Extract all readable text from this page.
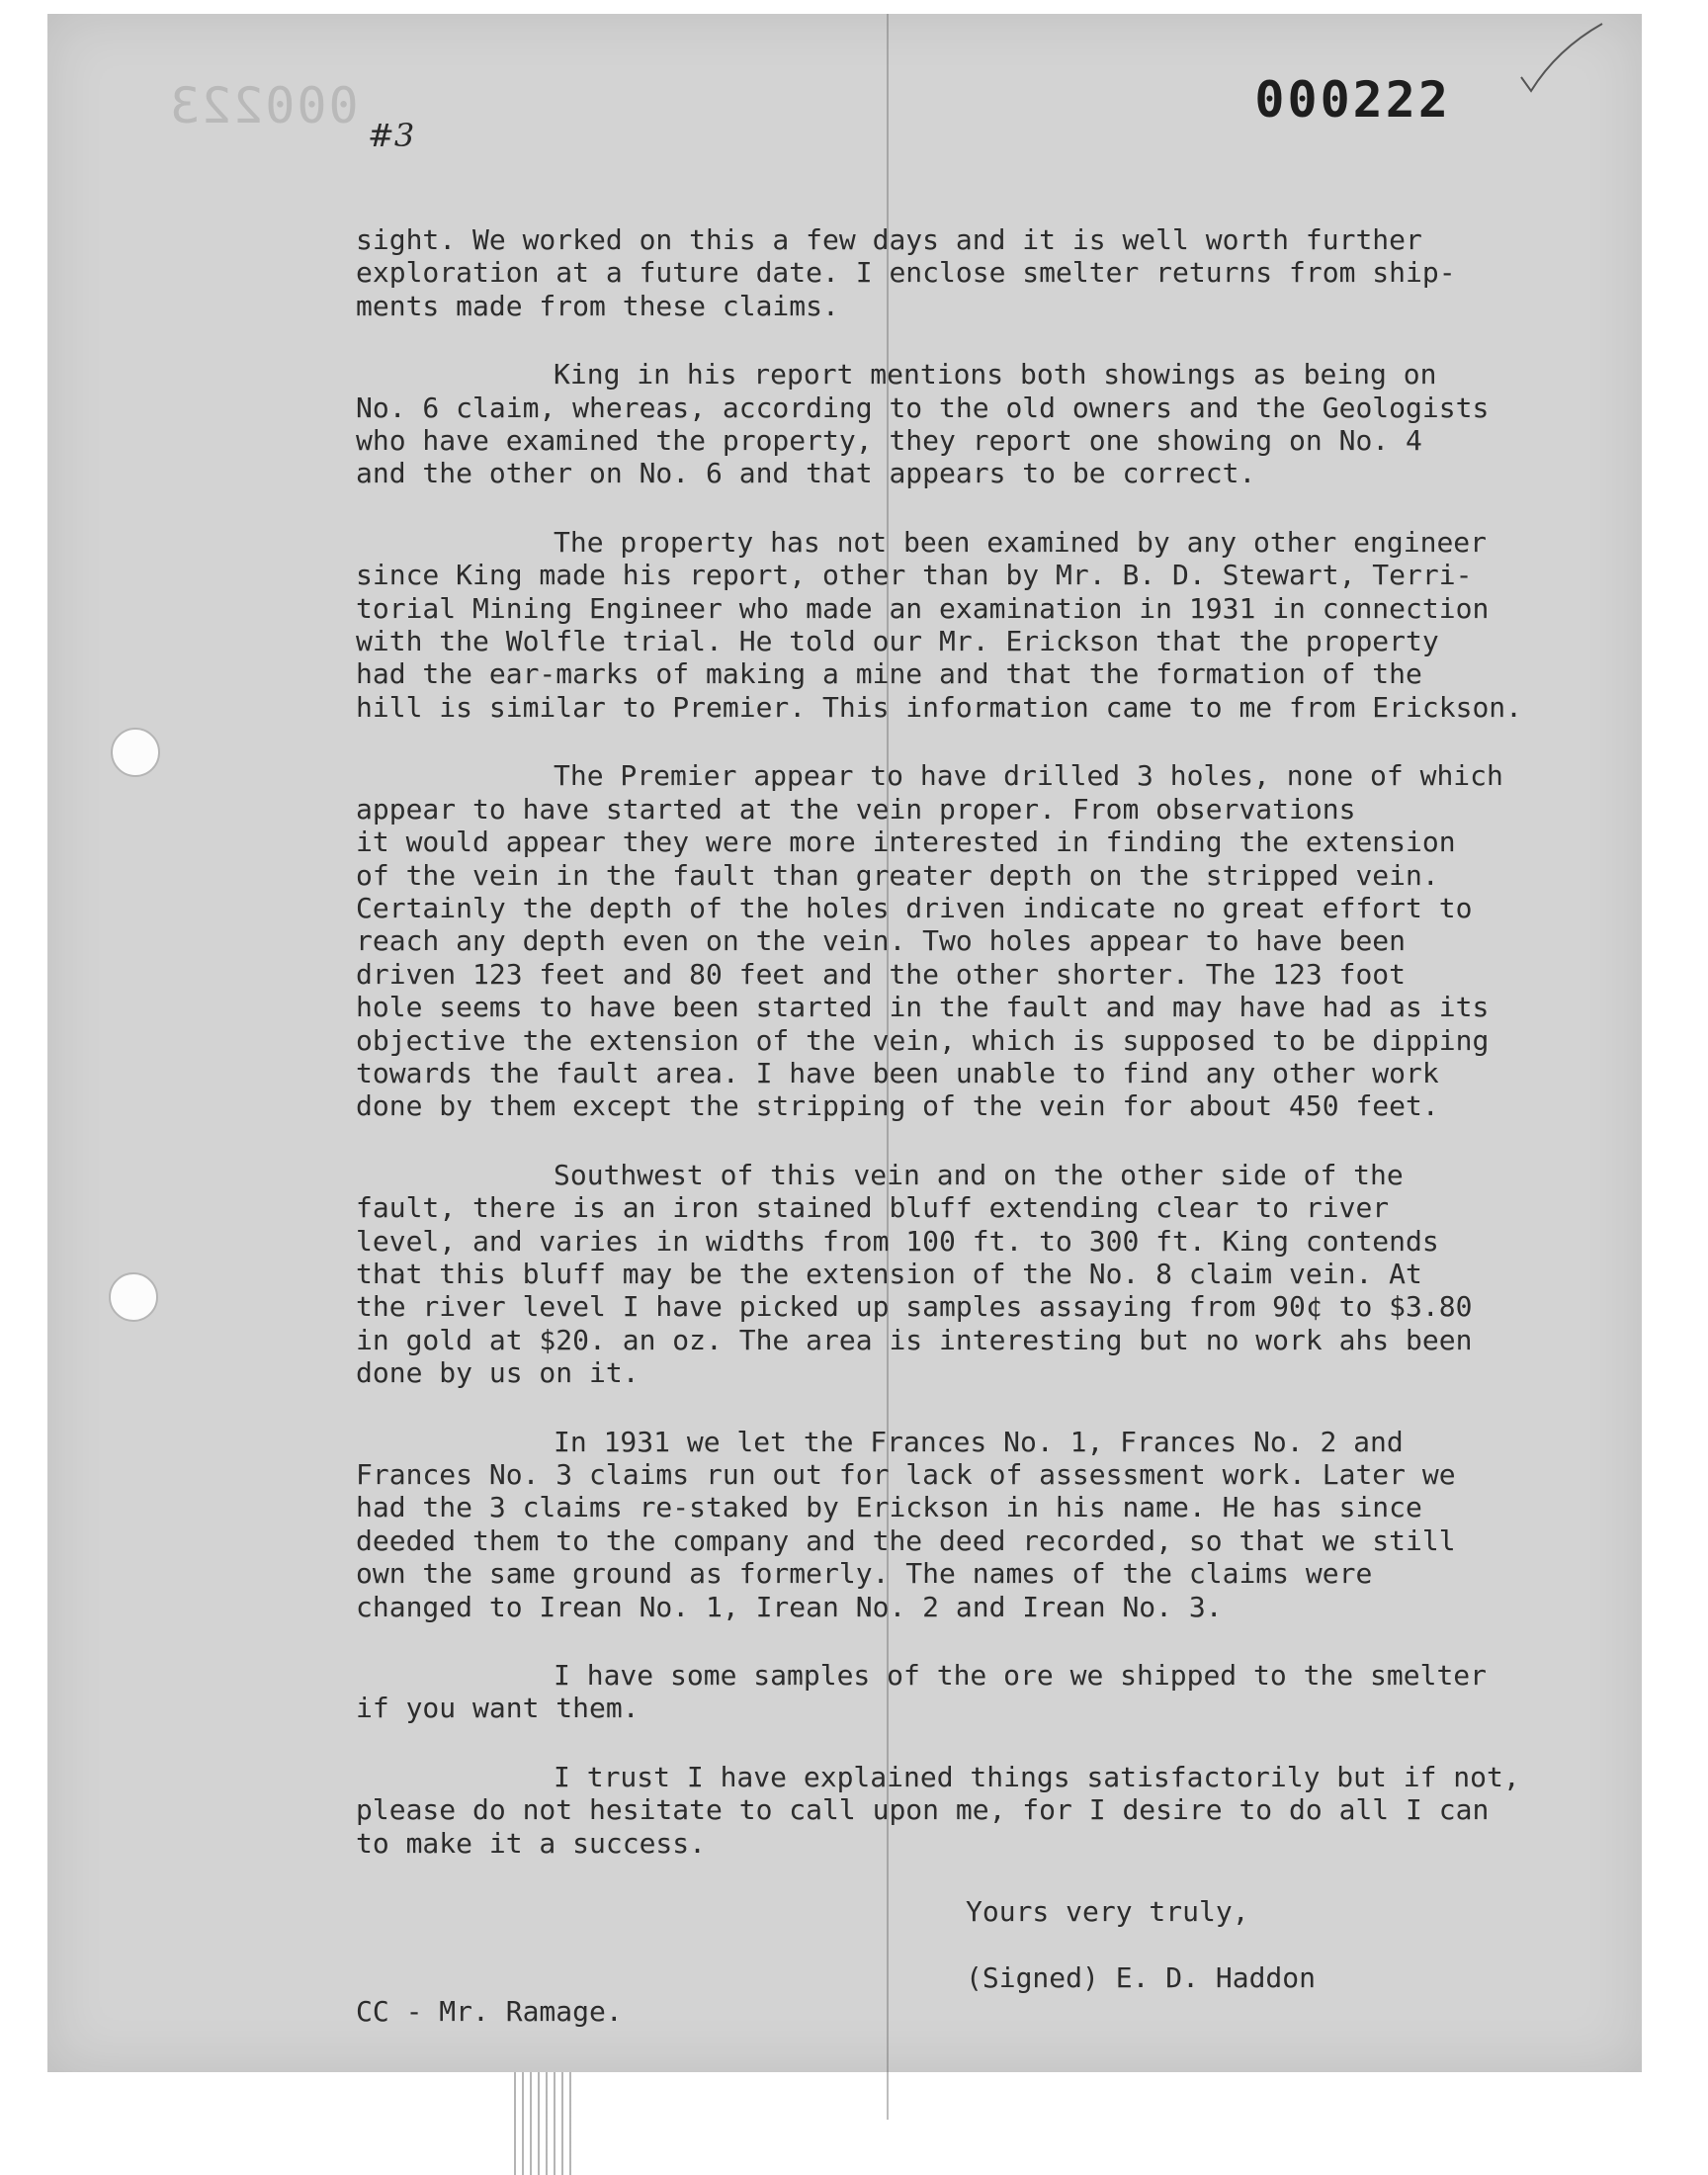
000223	000222
#3

sight. We worked on this a few days and it is well worth further
exploration at a future date. I enclose smelter returns from ship-
ments made from these claims.

King in his report mentions both showings as being on
No. 6 claim, whereas, according to the old owners and the Geologists
who have examined the property, they report one showing on No. 4
and the other on No. 6 and that appears to be correct.

The property has not been examined by any other engineer
since King made his report, other than by Mr. B. D. Stewart, Terri-
torial Mining Engineer who made an examination in 1931 in connection
with the Wolfle trial. He told our Mr. Erickson that the property
had the ear-marks of making a mine and that the formation of the
hill is similar to Premier. This information came to me from Erickson.

The Premier appear to have drilled 3 holes, none of which
appear to have started at the vein proper. From observations
it would appear they were more interested in finding the extension
of the vein in the fault than greater depth on the stripped vein.
Certainly the depth of the holes driven indicate no great effort to
reach any depth even on the vein. Two holes appear to have been
driven 123 feet and 80 feet and the other shorter. The 123 foot
hole seems to have been started in the fault and may have had as its
objective the extension of the vein, which is supposed to be dipping
towards the fault area. I have been unable to find any other work
done by them except the stripping of the vein for about 450 feet.

Southwest of this vein and on the other side of the
fault, there is an iron stained bluff extending clear to river
level, and varies in widths from 100 ft. to 300 ft. King contends
that this bluff may be the extension of the No. 8 claim vein. At
the river level I have picked up samples assaying from 90¢ to $3.80
in gold at $20. an oz. The area is interesting but no work ahs been
done by us on it.

In 1931 we let the Frances No. 1, Frances No. 2 and
Frances No. 3 claims run out for lack of assessment work. Later we
had the 3 claims re-staked by Erickson in his name. He has since
deeded them to the company and the deed recorded, so that we still
own the same ground as formerly. The names of the claims were
changed to Irean No. 1, Irean No. 2 and Irean No. 3.

I have some samples of the ore we shipped to the smelter
if you want them.

I trust I have explained things satisfactorily but if not,
please do not hesitate to call upon me, for I desire to do all I can
to make it a success.

Yours very truly,
(Signed) E. D. Haddon
CC - Mr. Ramage.
